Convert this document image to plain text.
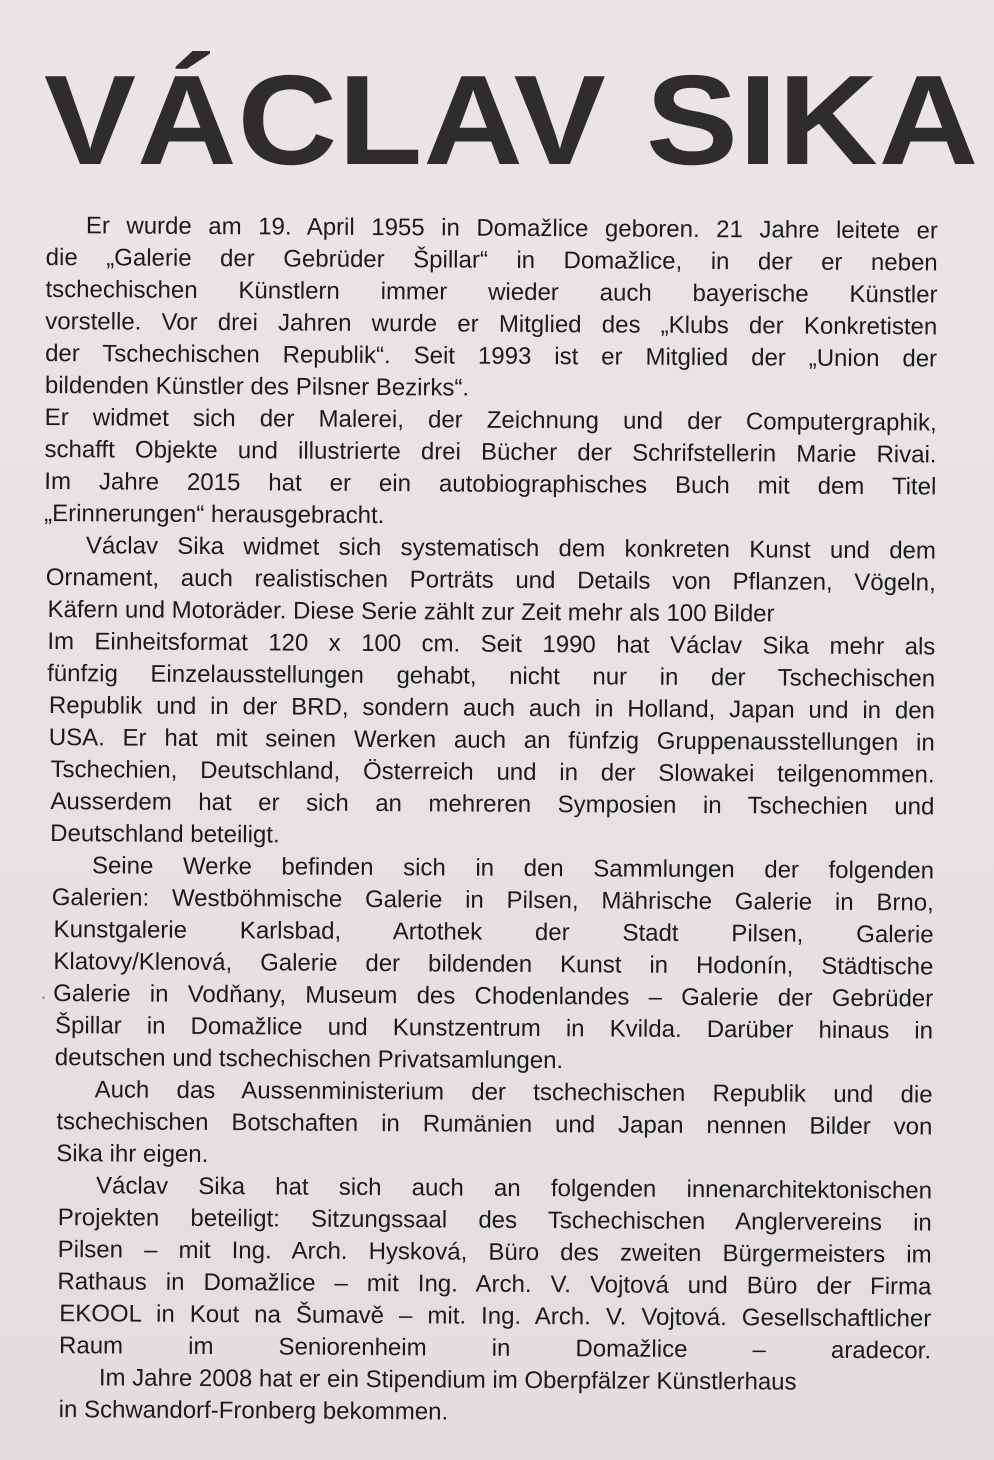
VÁCLAV SIKA
Er wurde am 19. April 1955 in Domažlice geboren. 21 Jahre leitete er
die „Galerie der Gebrüder Špillar“ in Domažlice, in der er neben
tschechischen Künstlern immer wieder auch bayerische Künstler
vorstelle. Vor drei Jahren wurde er Mitglied des „Klubs der Konkretisten
der Tschechischen Republik“. Seit 1993 ist er Mitglied der „Union der
bildenden Künstler des Pilsner Bezirks“.
Er widmet sich der Malerei, der Zeichnung und der Computergraphik,
schafft Objekte und illustrierte drei Bücher der Schrifstellerin Marie Rivai.
Im Jahre 2015 hat er ein autobiographisches Buch mit dem Titel
„Erinnerungen“ herausgebracht.
Václav Sika widmet sich systematisch dem konkreten Kunst und dem
Ornament, auch realistischen Porträts und Details von Pflanzen, Vögeln,
Käfern und Motoräder. Diese Serie zählt zur Zeit mehr als 100 Bilder
Im Einheitsformat 120 x 100 cm. Seit 1990 hat Václav Sika mehr als
fünfzig Einzelausstellungen gehabt, nicht nur in der Tschechischen
Republik und in der BRD, sondern auch auch in Holland, Japan und in den
USA. Er hat mit seinen Werken auch an fünfzig Gruppenausstellungen in
Tschechien, Deutschland, Österreich und in der Slowakei teilgenommen.
Ausserdem hat er sich an mehreren Symposien in Tschechien und
Deutschland beteiligt.
Seine Werke befinden sich in den Sammlungen der folgenden
Galerien: Westböhmische Galerie in Pilsen, Mährische Galerie in Brno,
Kunstgalerie Karlsbad, Artothek der Stadt Pilsen, Galerie
Klatovy/Klenová, Galerie der bildenden Kunst in Hodonín, Städtische
Galerie in Vodňany, Museum des Chodenlandes – Galerie der Gebrüder
Špillar in Domažlice und Kunstzentrum in Kvilda. Darüber hinaus in
deutschen und tschechischen Privatsamlungen.
Auch das Aussenministerium der tschechischen Republik und die
tschechischen Botschaften in Rumänien und Japan nennen Bilder von
Sika ihr eigen.
Václav Sika hat sich auch an folgenden innenarchitektonischen
Projekten beteiligt: Sitzungssaal des Tschechischen Anglervereins in
Pilsen – mit Ing. Arch. Hysková, Büro des zweiten Bürgermeisters im
Rathaus in Domažlice – mit Ing. Arch. V. Vojtová und Büro der Firma
EKOOL in Kout na Šumavě – mit. Ing. Arch. V. Vojtová. Gesellschaftlicher
Raum im Seniorenheim in Domažlice – aradecor.
Im Jahre 2008 hat er ein Stipendium im Oberpfälzer Künstlerhaus
in Schwandorf-Fronberg bekommen.
